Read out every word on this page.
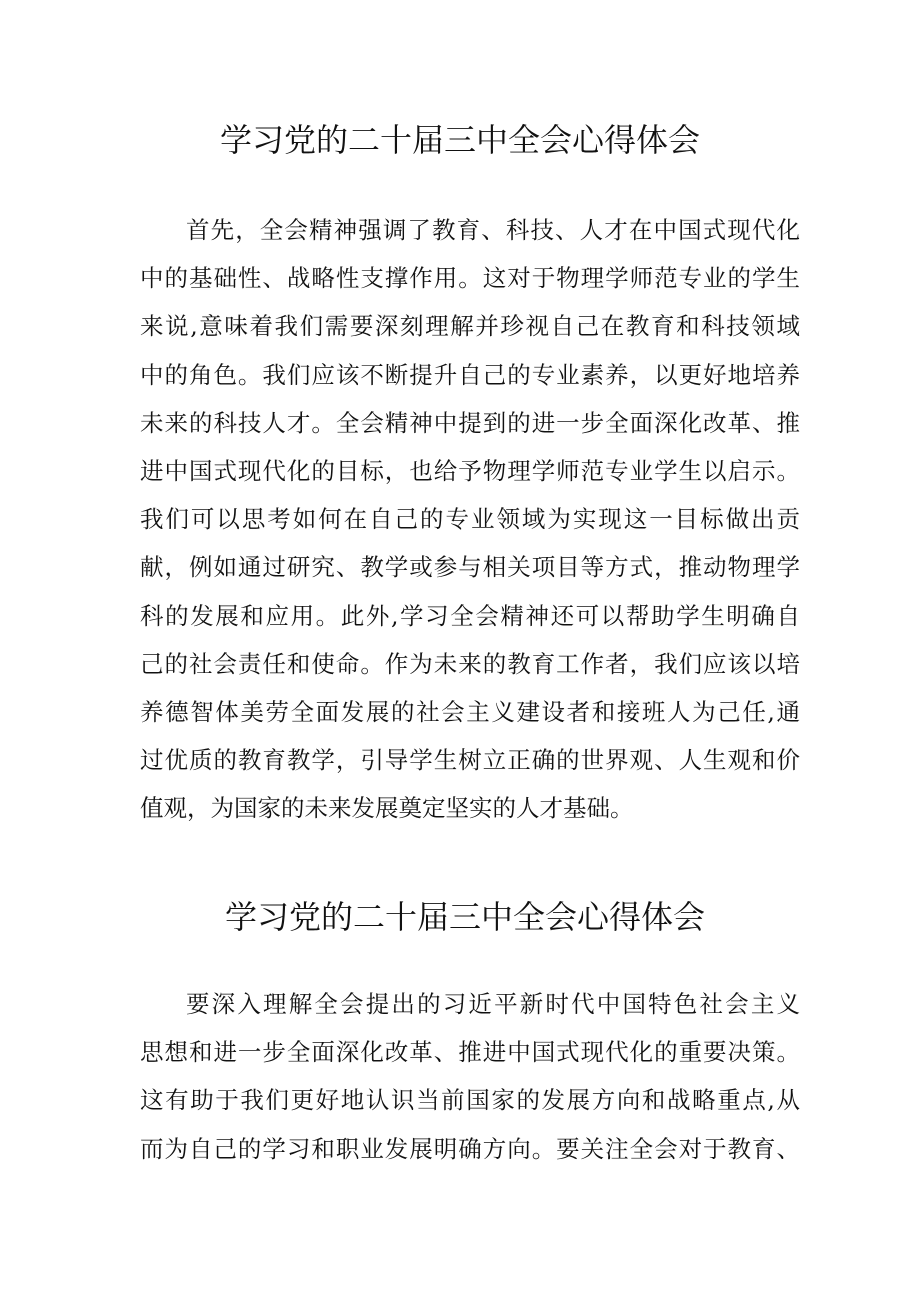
学习党的二十届三中全会心得体会
首先，全会精神强调了教育、科技、人才在中国式现代化
中的基础性、战略性支撑作用。这对于物理学师范专业的学生
来说,意味着我们需要深刻理解并珍视自己在教育和科技领域
中的角色。我们应该不断提升自己的专业素养，以更好地培养
未来的科技人才。全会精神中提到的进一步全面深化改革、推
进中国式现代化的目标，也给予物理学师范专业学生以启示。
我们可以思考如何在自己的专业领域为实现这一目标做出贡
献，例如通过研究、教学或参与相关项目等方式，推动物理学
科的发展和应用。此外,学习全会精神还可以帮助学生明确自
己的社会责任和使命。作为未来的教育工作者，我们应该以培
养德智体美劳全面发展的社会主义建设者和接班人为己任,通
过优质的教育教学，引导学生树立正确的世界观、人生观和价
值观，为国家的未来发展奠定坚实的人才基础。
学习党的二十届三中全会心得体会
要深入理解全会提出的习近平新时代中国特色社会主义
思想和进一步全面深化改革、推进中国式现代化的重要决策。
这有助于我们更好地认识当前国家的发展方向和战略重点,从
而为自己的学习和职业发展明确方向。要关注全会对于教育、
